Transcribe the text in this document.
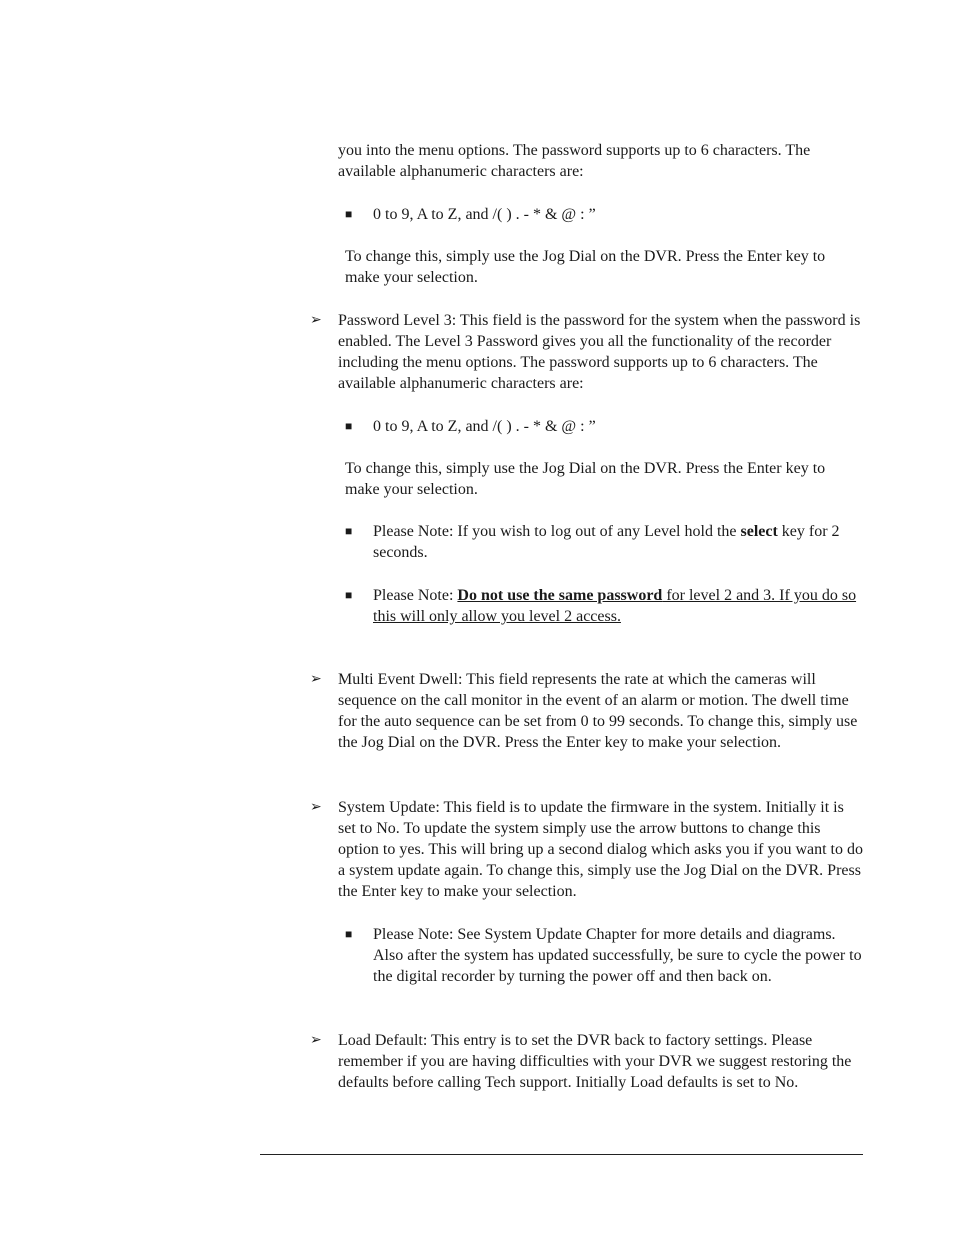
you into the menu options. The password supports up to 6 characters. The available alphanumeric characters are:
■ 0 to 9, A to Z, and /( ) . - * & @ : ”
To change this, simply use the Jog Dial on the DVR. Press the Enter key to make your selection.
➢	Password Level 3: This field is the password for the system when the password is enabled. The Level 3 Password gives you all the functionality of the recorder including the menu options. The password supports up to 6 characters. The available alphanumeric characters are:
■ 0 to 9, A to Z, and /( ) . - * & @ : ”
To change this, simply use the Jog Dial on the DVR. Press the Enter key to make your selection.
■ Please Note: If you wish to log out of any Level hold the select key for 2 seconds.
■ Please Note: Do not use the same password for level 2 and 3. If you do so this will only allow you level 2 access.
➢	Multi Event Dwell: This field represents the rate at which the cameras will sequence on the call monitor in the event of an alarm or motion. The dwell time for the auto sequence can be set from 0 to 99 seconds. To change this, simply use the Jog Dial on the DVR. Press the Enter key to make your selection.
➢	System Update: This field is to update the firmware in the system. Initially it is set to No. To update the system simply use the arrow buttons to change this option to yes. This will bring up a second dialog which asks you if you want to do a system update again. To change this, simply use the Jog Dial on the DVR. Press the Enter key to make your selection.
■ Please Note: See System Update Chapter for more details and diagrams. Also after the system has updated successfully, be sure to cycle the power to the digital recorder by turning the power off and then back on.
➢	Load Default: This entry is to set the DVR back to factory settings. Please remember if you are having difficulties with your DVR we suggest restoring the defaults before calling Tech support. Initially Load defaults is set to No.
